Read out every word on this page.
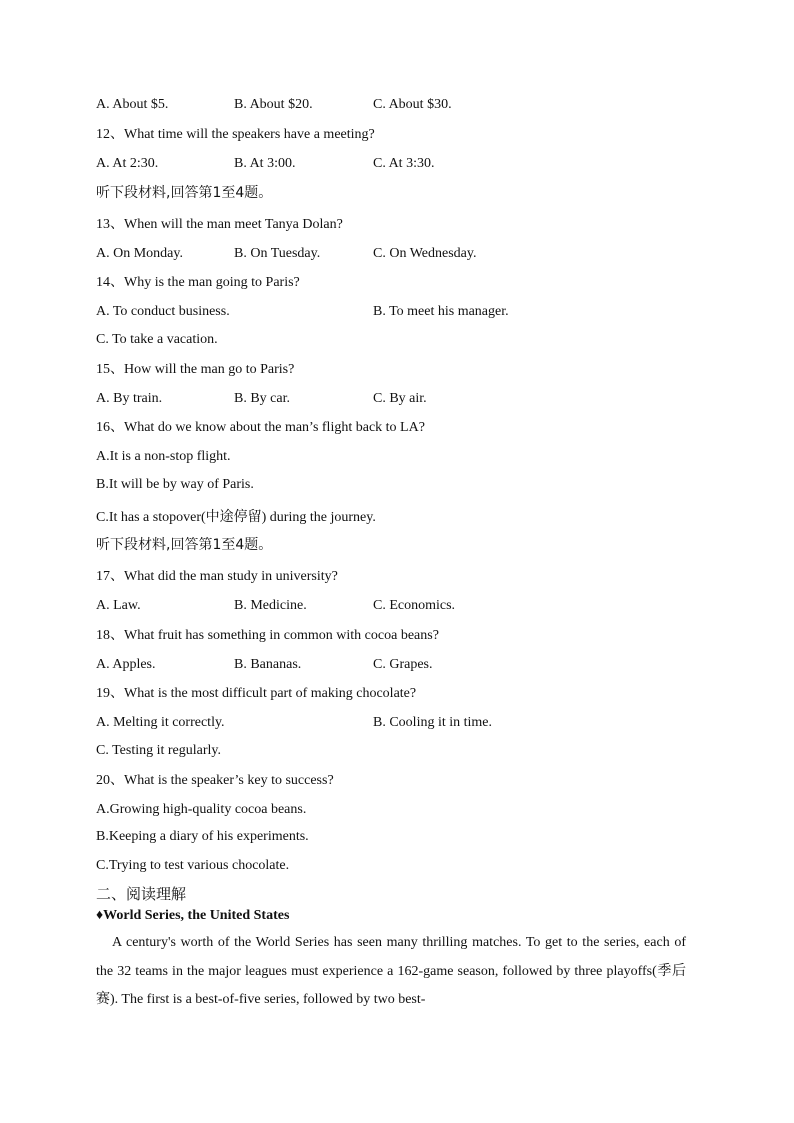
A. About $5.	B. About $20.	C. About $30.
12、What time will the speakers have a meeting?
A. At 2:30.	B. At 3:00.	C. At 3:30.
听下段材料,回答第1至4题。
13、When will the man meet Tanya Dolan?
A. On Monday.	B. On Tuesday.	C. On Wednesday.
14、Why is the man going to Paris?
A. To conduct business.	B. To meet his manager.
C. To take a vacation.
15、How will the man go to Paris?
A. By train.	B. By car.	C. By air.
16、What do we know about the man’s flight back to LA?
A.It is a non-stop flight.
B.It will be by way of Paris.
C.It has a stopover(中途停留) during the journey.
听下段材料,回答第1至4题。
17、What did the man study in university?
A. Law.	B. Medicine.	C. Economics.
18、What fruit has something in common with cocoa beans?
A. Apples.	B. Bananas.	C. Grapes.
19、What is the most difficult part of making chocolate?
A. Melting it correctly.	B. Cooling it in time.
C. Testing it regularly.
20、What is the speaker’s key to success?
A.Growing high-quality cocoa beans.
B.Keeping a diary of his experiments.
C.Trying to test various chocolate.
二、阅读理解
♦World Series, the United States
A century's worth of the World Series has seen many thrilling matches. To get to the series, each of the 32 teams in the major leagues must experience a 162-game season, followed by three playoffs(季后赛). The first is a best-of-five series, followed by two best-
